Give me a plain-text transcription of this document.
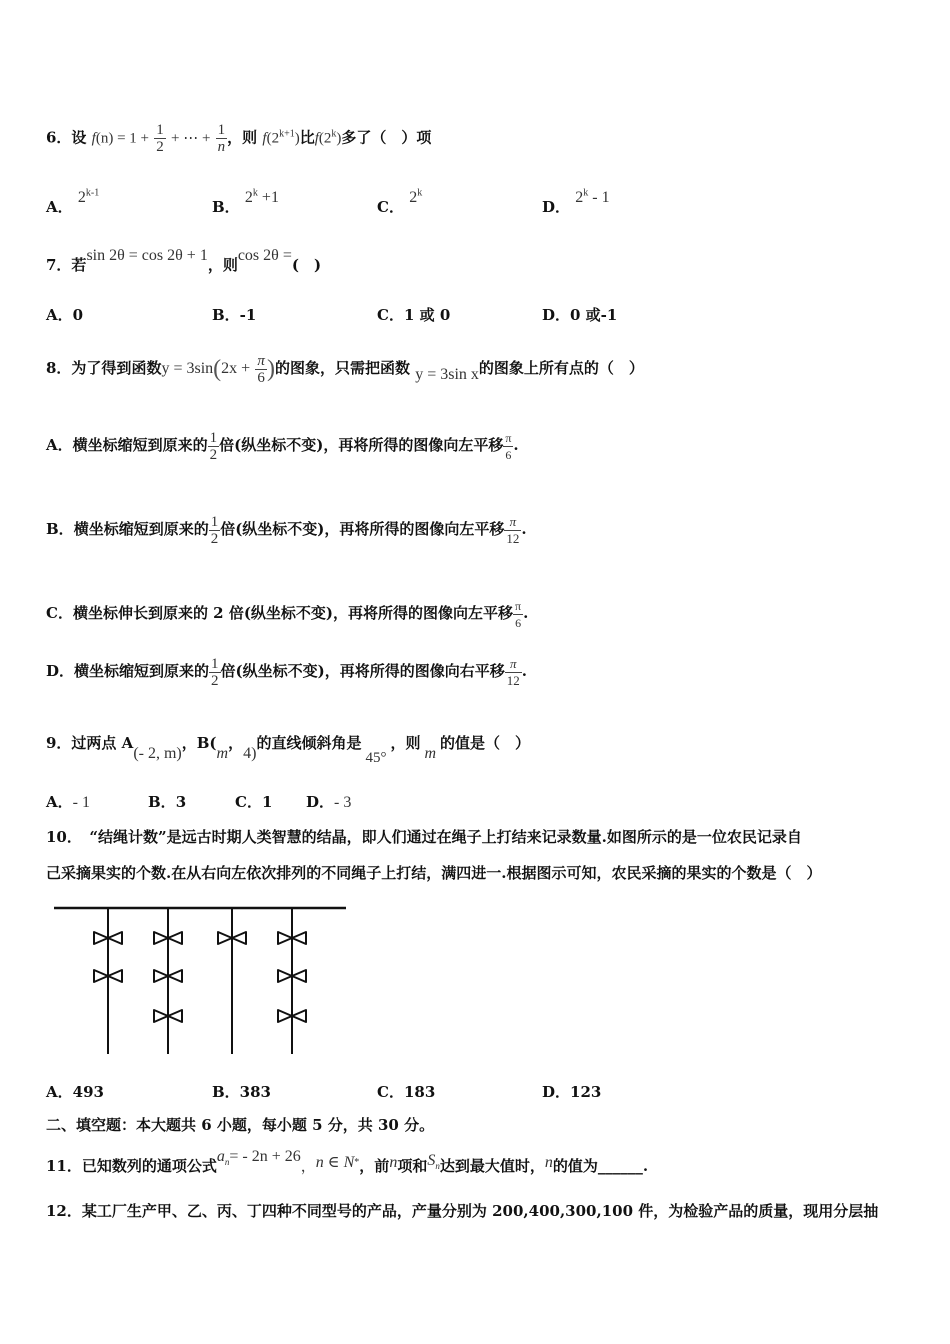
6．设 $f(n) = 1 + \frac{1}{2}$ + ⋯ + $\frac{1}{n}$ ，则 $f(2^{k+1})$比f(2$^k$)多了（　）项
A． 2$^{k-1}$
B． $2^k +1$
C． 2$^k$
D． 2$^k$ - 1
7．若sin 2θ = cos 2θ + 1，则cos 2θ =(　)
A．0	B．-1	C．1 或 0	D．0 或-1
8．为了得到函数$y = 3\sin(2x + \frac{\pi}{6}$ )的图象，只需把函数 y = 3sin x的图象上所有点的（　）
A．横坐标缩短到原来的 $\frac{1}{2}$ 倍(纵坐标不变)，再将所得的图像向左平移 $\frac{\pi}{6}$ .
B．横坐标缩短到原来的 $\frac{1}{2}$ 倍(纵坐标不变)，再将所得的图像向左平移 $\frac{\pi}{12}$ .
C．横坐标伸长到原来的 2 倍(纵坐标不变)，再将所得的图像向左平移 $\frac{\pi}{6}$ .
D．横坐标缩短到原来的 $\frac{1}{2}$ 倍(纵坐标不变)，再将所得的图像向右平移 $\frac{\pi}{12}$ .
9．过两点 A(- 2, m)，B(m，4)的直线倾斜角是45°，则m的值是（　）
A．- 1	B．3	C．1 D．- 3
10．　“结绳计数”是远古时期人类智慧的结晶，即人们通过在绳子上打结来记录数量.如图所示的是一位农民记录自
己采摘果实的个数.在从右向左依次排列的不同绳子上打结，满四进一.根据图示可知，农民采摘的果实的个数是（　）
A．493	B．383	C．183	D．123
二、填空题：本大题共 6 小题，每小题 5 分，共 30 分。
11．已知数列的通项公式$a_n= - 2n + 26$，n ∈ N*，前n项和$S_n$达到最大值时，n的值为______.
12．某工厂生产甲、乙、丙、丁四种不同型号的产品，产量分别为 200,400,300,100 件，为检验产品的质量，现用分层抽
